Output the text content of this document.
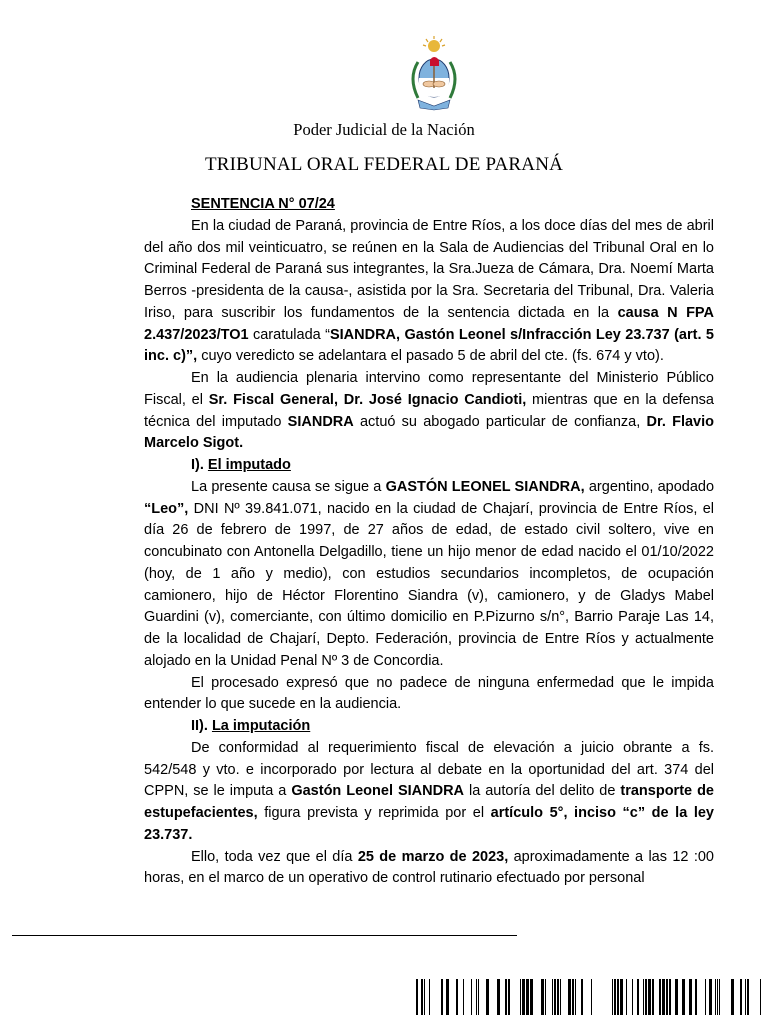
Poder Judicial de la Nación
TRIBUNAL ORAL FEDERAL DE PARANÁ

SENTENCIA N° 07/24

En la ciudad de Paraná, provincia de Entre Ríos, a los doce días del mes de abril del año dos mil veinticuatro, se reúnen en la Sala de Audiencias del Tribunal Oral en lo Criminal Federal de Paraná sus integrantes, la Sra.Jueza de Cámara, Dra. Noemí Marta Berros -presidenta de la causa-, asistida por la Sra. Secretaria del Tribunal, Dra. Valeria Iriso, para suscribir los fundamentos de la sentencia dictada en la causa N FPA 2.437/2023/TO1 caratulada “SIANDRA, Gastón Leonel s/Infracción Ley 23.737 (art. 5 inc. c)”, cuyo veredicto se adelantara el pasado 5 de abril del cte. (fs. 674 y vto).

En la audiencia plenaria intervino como representante del Ministerio Público Fiscal, el Sr. Fiscal General, Dr. José Ignacio Candioti, mientras que en la defensa técnica del imputado SIANDRA actuó su abogado particular de confianza, Dr. Flavio Marcelo Sigot.

I). El imputado

La presente causa se sigue a GASTÓN LEONEL SIANDRA, argentino, apodado “Leo”, DNI Nº 39.841.071, nacido en la ciudad de Chajarí, provincia de Entre Ríos, el día 26 de febrero de 1997, de 27 años de edad, de estado civil soltero, vive en concubinato con Antonella Delgadillo, tiene un hijo menor de edad nacido el 01/10/2022 (hoy, de 1 año y medio), con estudios secundarios incompletos, de ocupación camionero, hijo de Héctor Florentino Siandra (v), camionero, y de Gladys Mabel Guardini (v), comerciante, con último domicilio en P.Pizurno s/n°, Barrio Paraje Las 14, de la localidad de Chajarí, Depto. Federación, provincia de Entre Ríos y actualmente alojado en la Unidad Penal Nº 3 de Concordia.

El procesado expresó que no padece de ninguna enfermedad que le impida entender lo que sucede en la audiencia.

II). La imputación

De conformidad al requerimiento fiscal de elevación a juicio obrante a fs. 542/548 y vto. e incorporado por lectura al debate en la oportunidad del art. 374 del CPPN, se le imputa a Gastón Leonel SIANDRA la autoría del delito de transporte de estupefacientes, figura prevista y reprimida por el artículo 5°, inciso “c” de la ley 23.737.

Ello, toda vez que el día 25 de marzo de 2023, aproximadamente a las 12 :00 horas, en el marco de un operativo de control rutinario efectuado por personal
